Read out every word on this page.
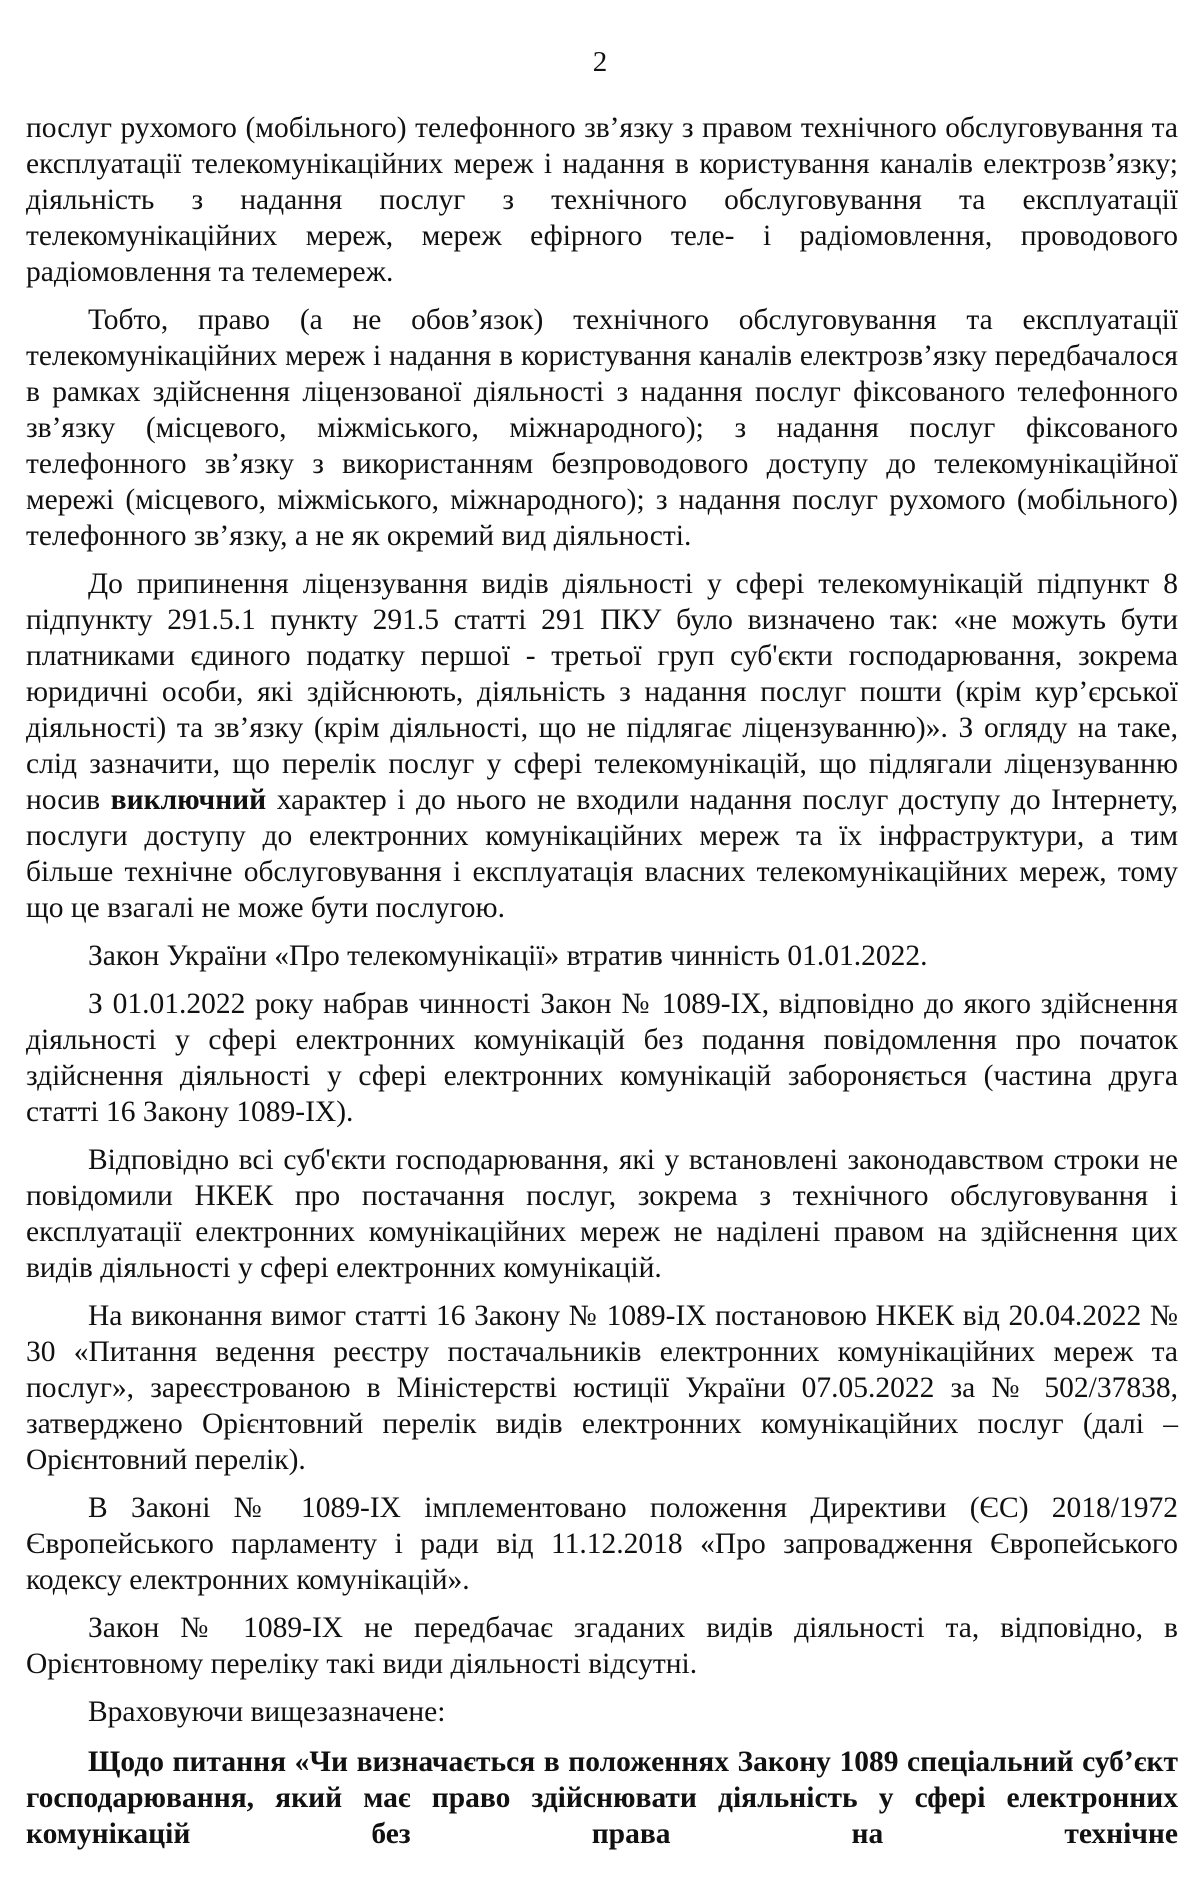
2

послуг рухомого (мобільного) телефонного зв’язку з правом технічного обслуговування та експлуатації телекомунікаційних мереж і надання в користування каналів електрозв’язку; діяльність з надання послуг з технічного обслуговування та експлуатації телекомунікаційних мереж, мереж ефірного теле- і радіомовлення, проводового радіомовлення та телемереж.

Тобто, право (а не обов’язок) технічного обслуговування та експлуатації телекомунікаційних мереж і надання в користування каналів електрозв’язку передбачалося в рамках здійснення ліцензованої діяльності з надання послуг фіксованого телефонного зв’язку (місцевого, міжміського, міжнародного); з надання послуг фіксованого телефонного зв’язку з використанням безпроводового доступу до телекомунікаційної мережі (місцевого, міжміського, міжнародного); з надання послуг рухомого (мобільного) телефонного зв’язку, а не як окремий вид діяльності.

До припинення ліцензування видів діяльності у сфері телекомунікацій підпункт 8 підпункту 291.5.1 пункту 291.5 статті 291 ПКУ було визначено так: «не можуть бути платниками єдиного податку першої - третьої груп суб'єкти господарювання, зокрема юридичні особи, які здійснюють, діяльність з надання послуг пошти (крім кур’єрської діяльності) та зв’язку (крім діяльності, що не підлягає ліцензуванню)». З огляду на таке, слід зазначити, що перелік послуг у сфері телекомунікацій, що підлягали ліцензуванню носив виключний характер і до нього не входили надання послуг доступу до Інтернету, послуги доступу до електронних комунікаційних мереж та їх інфраструктури, а тим більше технічне обслуговування і експлуатація власних телекомунікаційних мереж, тому що це взагалі не може бути послугою.

Закон України «Про телекомунікації» втратив чинність 01.01.2022.

З 01.01.2022 року набрав чинності Закон № 1089-ІХ, відповідно до якого здійснення діяльності у сфері електронних комунікацій без подання повідомлення про початок здійснення діяльності у сфері електронних комунікацій забороняється (частина друга статті 16 Закону 1089-ІХ).

Відповідно всі суб'єкти господарювання, які у встановлені законодавством строки не повідомили НКЕК про постачання послуг, зокрема з технічного обслуговування і експлуатації електронних комунікаційних мереж не наділені правом на здійснення цих видів діяльності у сфері електронних комунікацій.

На виконання вимог статті 16 Закону № 1089-ІХ постановою НКЕК від 20.04.2022 № 30 «Питання ведення реєстру постачальників електронних комунікаційних мереж та послуг», зареєстрованою в Міністерстві юстиції України 07.05.2022 за № 502/37838, затверджено Орієнтовний перелік видів електронних комунікаційних послуг (далі – Орієнтовний перелік).

В Законі № 1089-ІХ імплементовано положення Директиви (ЄС) 2018/1972 Європейського парламенту і ради від 11.12.2018 «Про запровадження Європейського кодексу електронних комунікацій».

Закон № 1089-ІХ не передбачає згаданих видів діяльності та, відповідно, в Орієнтовному переліку такі види діяльності відсутні.

Враховуючи вищезазначене:

Щодо питання «Чи визначається в положеннях Закону 1089 спеціальний суб’єкт господарювання, який має право здійснювати діяльність у сфері електронних комунікацій без права на технічне
